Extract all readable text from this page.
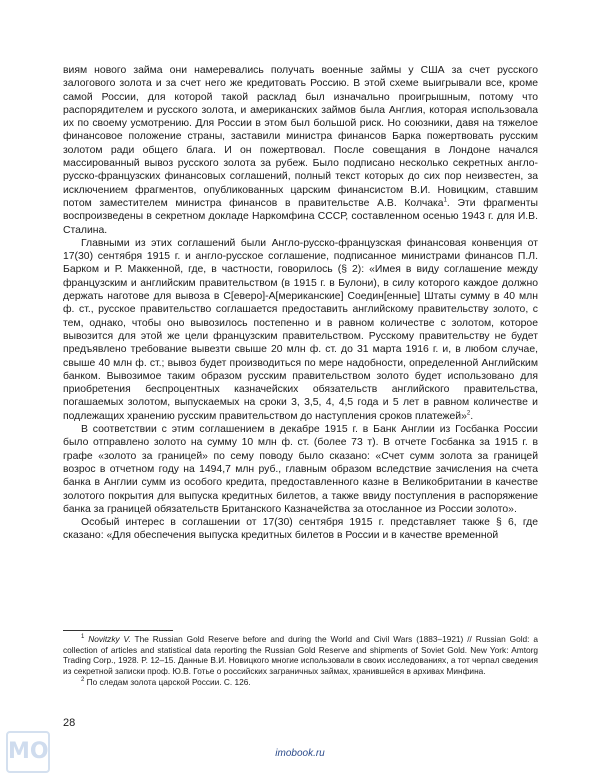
виям нового займа они намеревались получать военные займы у США за счет русского залогового золота и за счет него же кредитовать Россию. В этой схеме выигрывали все, кроме самой России, для которой такой расклад был изначально проигрышным, потому что распорядителем и русского золота, и американских займов была Англия, которая использовала их по своему усмотрению. Для России в этом был большой риск. Но союзники, давя на тяжелое финансовое положение страны, заставили министра финансов Барка пожертвовать русским золотом ради общего блага. И он пожертвовал. После совещания в Лондоне начался массированный вывоз русского золота за рубеж. Было подписано несколько секретных англо-русско-французских финансовых соглашений, полный текст которых до сих пор неизвестен, за исключением фрагментов, опубликованных царским финансистом В.И. Новицким, ставшим потом заместителем министра финансов в правительстве А.В. Колчака$^1$. Эти фрагменты воспроизведены в секретном докладе Наркомфина СССР, составленном осенью 1943 г. для И.В. Сталина.

Главными из этих соглашений были Англо-русско-французская финансовая конвенция от 17(30) сентября 1915 г. и англо-русское соглашение, подписанное министрами финансов П.Л. Барком и Р. Маккенной, где, в частности, говорилось (§ 2): «Имея в виду соглашение между французским и английским правительством (в 1915 г. в Булони), в силу которого каждое должно держать наготове для вывоза в С[еверо]-А[мериканские] Соедин[енные] Штаты сумму в 40 млн ф. ст., русское правительство соглашается предоставить английскому правительству золото, с тем, однако, чтобы оно вывозилось постепенно и в равном количестве с золотом, которое вывозится для этой же цели французским правительством. Русскому правительству не будет предъявлено требование вывезти свыше 20 млн ф. ст. до 31 марта 1916 г. и, в любом случае, свыше 40 млн ф. ст.; вывоз будет производиться по мере надобности, определенной Английским банком. Вывозимое таким образом русским правительством золото будет использовано для приобретения беспроцентных казначейских обязательств английского правительства, погашаемых золотом, выпускаемых на сроки 3, 3,5, 4, 4,5 года и 5 лет в равном количестве и подлежащих хранению русским правительством до наступления сроков платежей»$^2$.

В соответствии с этим соглашением в декабре 1915 г. в Банк Англии из Госбанка России было отправлено золото на сумму 10 млн ф. ст. (более 73 т). В отчете Госбанка за 1915 г. в графе «золото за границей» по сему поводу было сказано: «Счет сумм золота за границей возрос в отчетном году на 1494,7 млн руб., главным образом вследствие зачисления на счета банка в Англии сумм из особого кредита, предоставленного казне в Великобритании в качестве золотого покрытия для выпуска кредитных билетов, а также ввиду поступления в распоряжение банка за границей обязательств Британского Казначейства за отосланное из России золото».

Особый интерес в соглашении от 17(30) сентября 1915 г. представляет также § 6, где сказано: «Для обеспечения выпуска кредитных билетов в России и в качестве временной

$^1$ Novitzky V. The Russian Gold Reserve before and during the World and Civil Wars (1883–1921) // Russian Gold: a collection of articles and statistical data reporting the Russian Gold Reserve and shipments of Soviet Gold. New York: Amtorg Trading Corp., 1928. P. 12–15. Данные В.И. Новицкого многие использовали в своих исследованиях, а тот черпал сведения из секретной записки проф. Ю.В. Готье о российских заграничных займах, хранившейся в архивах Минфина.

$^2$ По следам золота царской России. С. 126.

28
МО	imobook.ru
